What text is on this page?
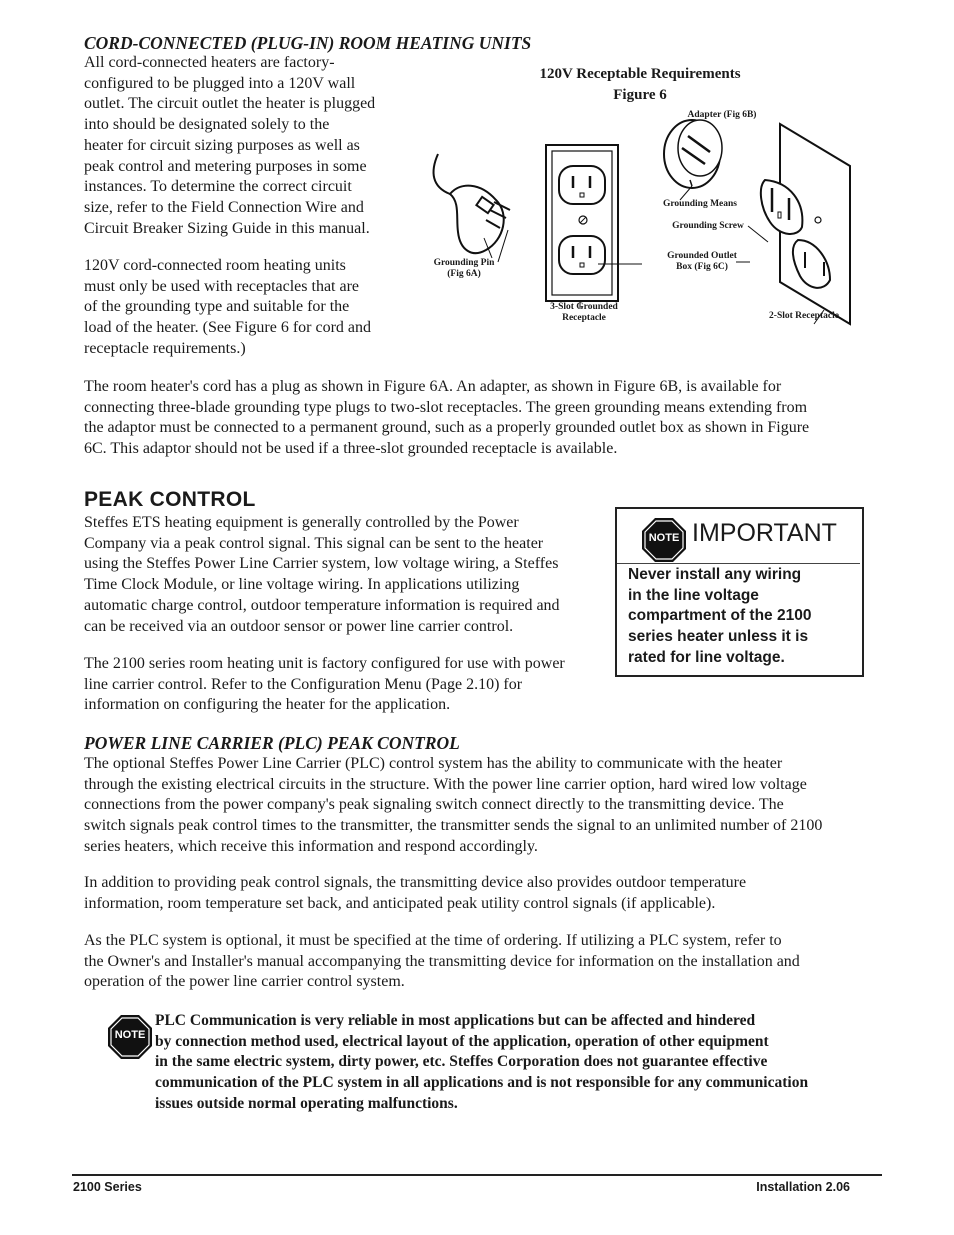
CORD-CONNECTED (PLUG-IN) ROOM HEATING UNITS

All cord-connected heaters are factory-
configured to be plugged into a 120V wall
outlet. The circuit outlet the heater is plugged
into should be designated solely to the
heater for circuit sizing purposes as well as
peak control and metering purposes in some
instances. To determine the correct circuit
size, refer to the Field Connection Wire and
Circuit Breaker Sizing Guide in this manual.

120V cord-connected room heating units
must only be used with receptacles that are
of the grounding type and suitable for the
load of the heater. (See Figure 6 for cord and
receptacle requirements.)

120V Receptable Requirements
Figure 6
Adapter (Fig 6B)
Grounding Means
Grounding Screw
Grounded Outlet
Box (Fig 6C)
Grounding Pin
(Fig 6A)
3-Slot Grounded
Receptacle	2-Slot Receptacle

The room heater's cord has a plug as shown in Figure 6A. An adapter, as shown in Figure 6B, is available for
connecting three-blade grounding type plugs to two-slot receptacles. The green grounding means extending from
the adaptor must be connected to a permanent ground, such as a properly grounded outlet box as shown in Figure
6C. This adaptor should not be used if a three-slot grounded receptacle is available.

PEAK CONTROL

Steffes ETS heating equipment is generally controlled by the Power
Company via a peak control signal. This signal can be sent to the heater
using the Steffes Power Line Carrier system, low voltage wiring, a Steffes
Time Clock Module, or line voltage wiring. In applications utilizing
automatic charge control, outdoor temperature information is required and
can be received via an outdoor sensor or power line carrier control.

The 2100 series room heating unit is factory configured for use with power
line carrier control. Refer to the Configuration Menu (Page 2.10) for
information on configuring the heater for the application.

NOTE IMPORTANT
Never install any wiring
in the line voltage
compartment of the 2100
series heater unless it is
rated for line voltage.
POWER LINE CARRIER (PLC) PEAK CONTROL

The optional Steffes Power Line Carrier (PLC) control system has the ability to communicate with the heater
through the existing electrical circuits in the structure. With the power line carrier option, hard wired low voltage
connections from the power company's peak signaling switch connect directly to the transmitting device. The
switch signals peak control times to the transmitter, the transmitter sends the signal to an unlimited number of 2100
series heaters, which receive this information and respond accordingly.

In addition to providing peak control signals, the transmitting device also provides outdoor temperature
information, room temperature set back, and anticipated peak utility control signals (if applicable).

As the PLC system is optional, it must be specified at the time of ordering. If utilizing a PLC system, refer to
the Owner's and Installer's manual accompanying the transmitting device for information on the installation and
operation of the power line carrier control system.

NOTE
PLC Communication is very reliable in most applications but can be affected and hindered
by connection method used, electrical layout of the application, operation of other equipment
in the same electric system, dirty power, etc. Steffes Corporation does not guarantee effective
communication of the PLC system in all applications and is not responsible for any communication
issues outside normal operating malfunctions.
2100 Series	Installation 2.06
